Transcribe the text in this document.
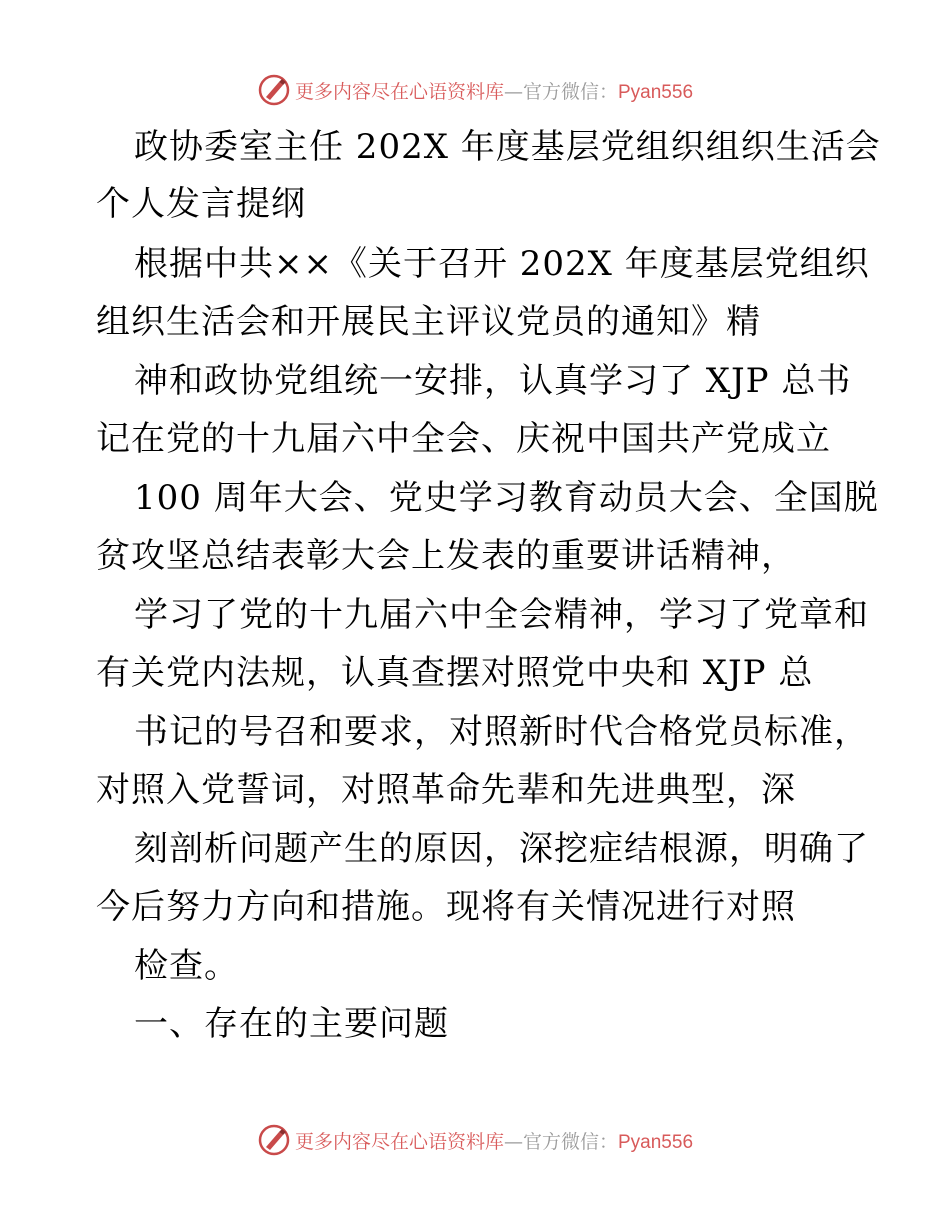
更多内容尽在心语资料库—官方微信：Pyan556
政协委室主任 202X 年度基层党组织组织生活会
个人发言提纲
根据中共××《关于召开 202X 年度基层党组织
组织生活会和开展民主评议党员的通知》精
神和政协党组统一安排，认真学习了 XJP 总书
记在党的十九届六中全会、庆祝中国共产党成立
100 周年大会、党史学习教育动员大会、全国脱
贫攻坚总结表彰大会上发表的重要讲话精神，
学习了党的十九届六中全会精神，学习了党章和
有关党内法规，认真查摆对照党中央和 XJP 总
书记的号召和要求，对照新时代合格党员标准，
对照入党誓词，对照革命先辈和先进典型，深
刻剖析问题产生的原因，深挖症结根源，明确了
今后努力方向和措施。现将有关情况进行对照
检查。
一、存在的主要问题
更多内容尽在心语资料库—官方微信：Pyan556
